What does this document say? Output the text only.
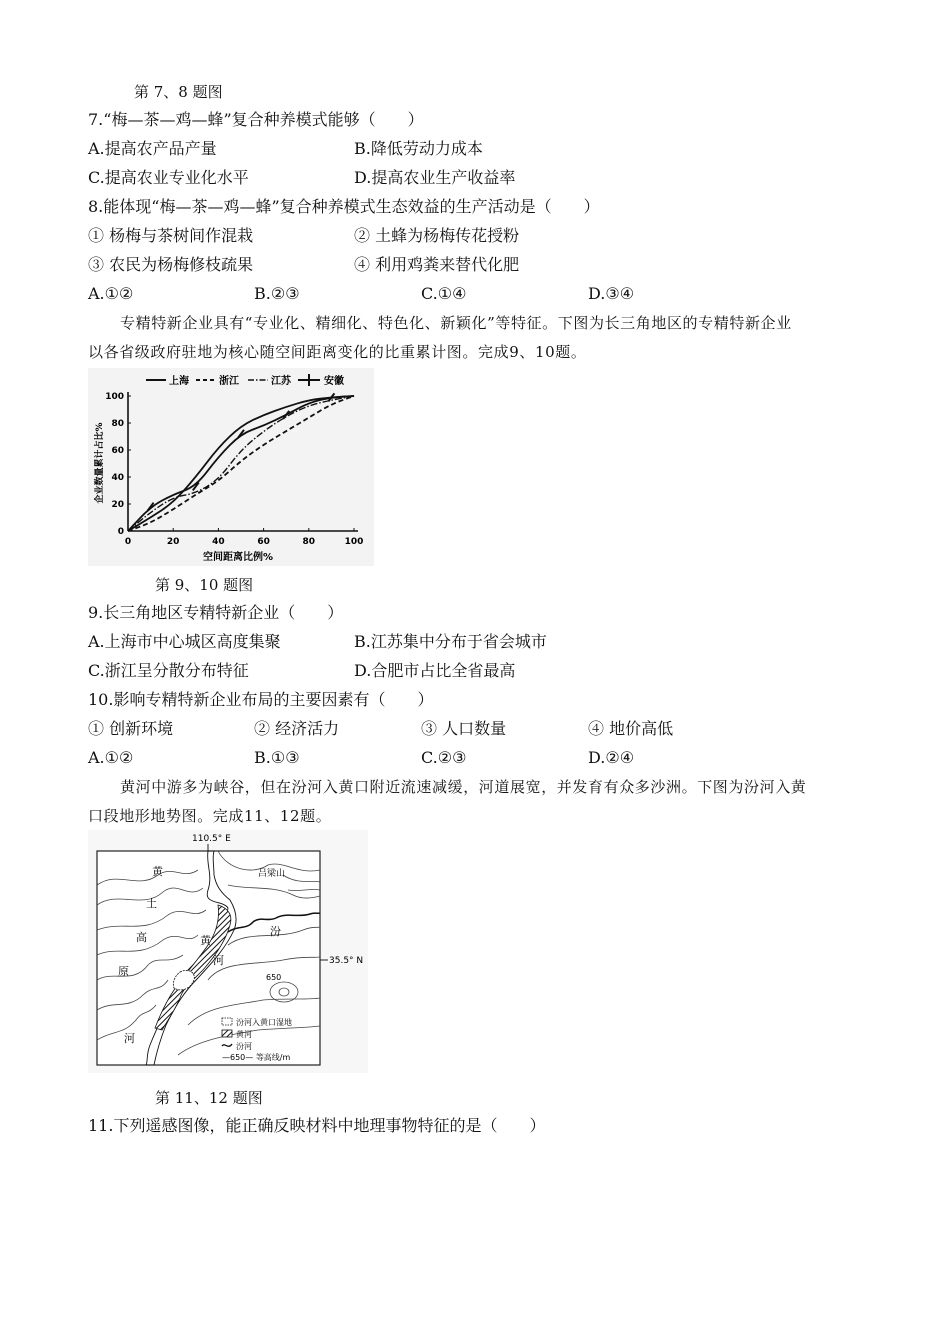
第 7、8 题图
7.“梅—茶—鸡—蜂”复合种养模式能够（　　）
A.提高农产品产量	B.降低劳动力成本
C.提高农业专业化水平	D.提高农业生产收益率
8.能体现“梅—茶—鸡—蜂”复合种养模式生态效益的生产活动是（　　）
① 杨梅与茶树间作混栽	② 土蜂为杨梅传花授粉
③ 农民为杨梅修枝疏果	④ 利用鸡粪来替代化肥
A.①②	B.②③	C.①④	D.③④
专精特新企业具有“专业化、精细化、特色化、新颖化”等特征。下图为长三角地区的专精特新企业
以各省级政府驻地为核心随空间距离变化的比重累计图。完成9、10题。
上海	浙江	江苏	安徽
企业数量累计占比%
空间距离比例%
0	20	40	60	80	100
0
20
40
60
80
100
第 9、10 题图
9.长三角地区专精特新企业（　　）
A.上海市中心城区高度集聚	B.江苏集中分布于省会城市
C.浙江呈分散分布特征	D.合肥市占比全省最高
10.影响专精特新企业布局的主要因素有（　　）
① 创新环境	② 经济活力	③ 人口数量	④ 地价高低
A.①②	B.①③	C.②③	D.②④
黄河中游多为峡谷，但在汾河入黄口附近流速减缓，河道展宽，并发育有众多沙洲。下图为汾河入黄
口段地形地势图。完成11、12题。
110.5° E
35.5° N
黄
土
高
原
河
黄
河
汾
吕梁山
650
汾河入黄口湿地
黄河
汾河
—650— 等高线/m
第 11、12 题图
11.下列遥感图像，能正确反映材料中地理事物特征的是（　　）
